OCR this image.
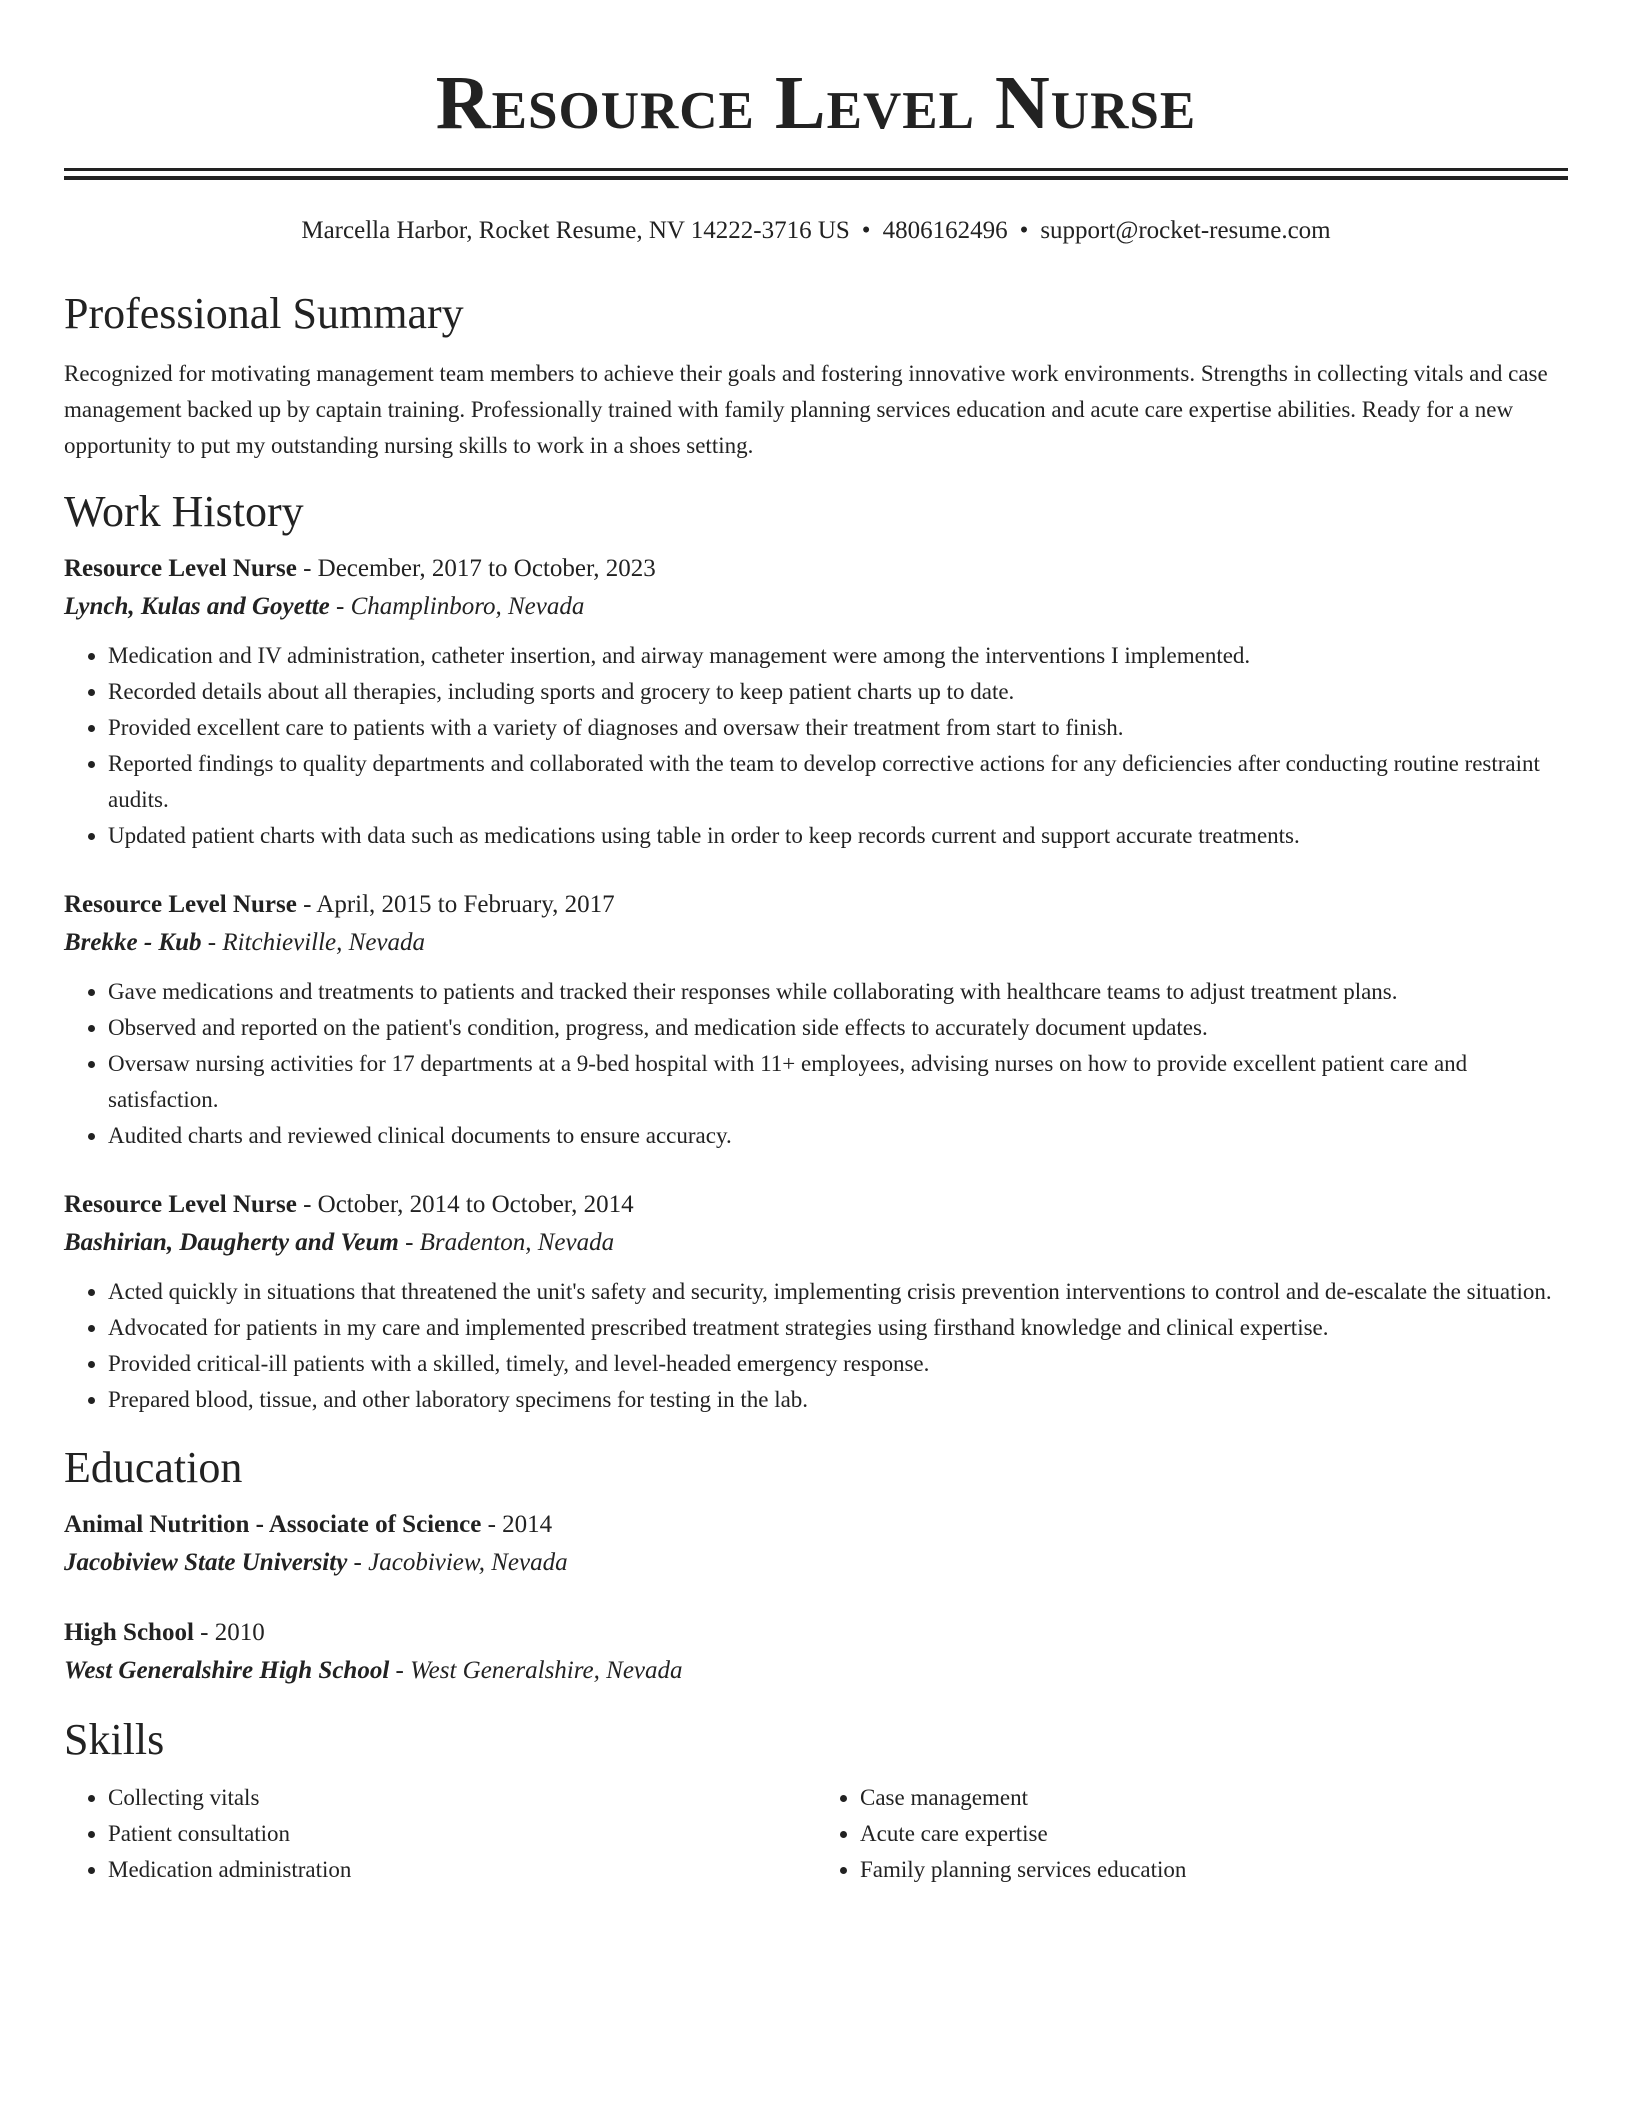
Resource Level Nurse
Marcella Harbor, Rocket Resume, NV 14222-3716 US • 4806162496 • support@rocket-resume.com
Professional Summary

Recognized for motivating management team members to achieve their goals and fostering innovative work environments. Strengths in collecting vitals and case management backed up by captain training. Professionally trained with family planning services education and acute care expertise abilities. Ready for a new opportunity to put my outstanding nursing skills to work in a shoes setting.

Work History
Resource Level Nurse - December, 2017 to October, 2023
Lynch, Kulas and Goyette - Champlinboro, Nevada
• Medication and IV administration, catheter insertion, and airway management were among the interventions I implemented.
• Recorded details about all therapies, including sports and grocery to keep patient charts up to date.
• Provided excellent care to patients with a variety of diagnoses and oversaw their treatment from start to finish.
• Reported findings to quality departments and collaborated with the team to develop corrective actions for any deficiencies after conducting routine restraint audits.
• Updated patient charts with data such as medications using table in order to keep records current and support accurate treatments.
Resource Level Nurse - April, 2015 to February, 2017
Brekke - Kub - Ritchieville, Nevada
• Gave medications and treatments to patients and tracked their responses while collaborating with healthcare teams to adjust treatment plans.
• Observed and reported on the patient's condition, progress, and medication side effects to accurately document updates.
• Oversaw nursing activities for 17 departments at a 9-bed hospital with 11+ employees, advising nurses on how to provide excellent patient care and satisfaction.
• Audited charts and reviewed clinical documents to ensure accuracy.
Resource Level Nurse - October, 2014 to October, 2014
Bashirian, Daugherty and Veum - Bradenton, Nevada
• Acted quickly in situations that threatened the unit's safety and security, implementing crisis prevention interventions to control and de-escalate the situation.
• Advocated for patients in my care and implemented prescribed treatment strategies using firsthand knowledge and clinical expertise.
• Provided critical-ill patients with a skilled, timely, and level-headed emergency response.
• Prepared blood, tissue, and other laboratory specimens for testing in the lab.
Education
Animal Nutrition - Associate of Science - 2014
Jacobiview State University - Jacobiview, Nevada
High School - 2010
West Generalshire High School - West Generalshire, Nevada
Skills
• Collecting vitals
• Patient consultation
• Medication administration
• Case management
• Acute care expertise
• Family planning services education
